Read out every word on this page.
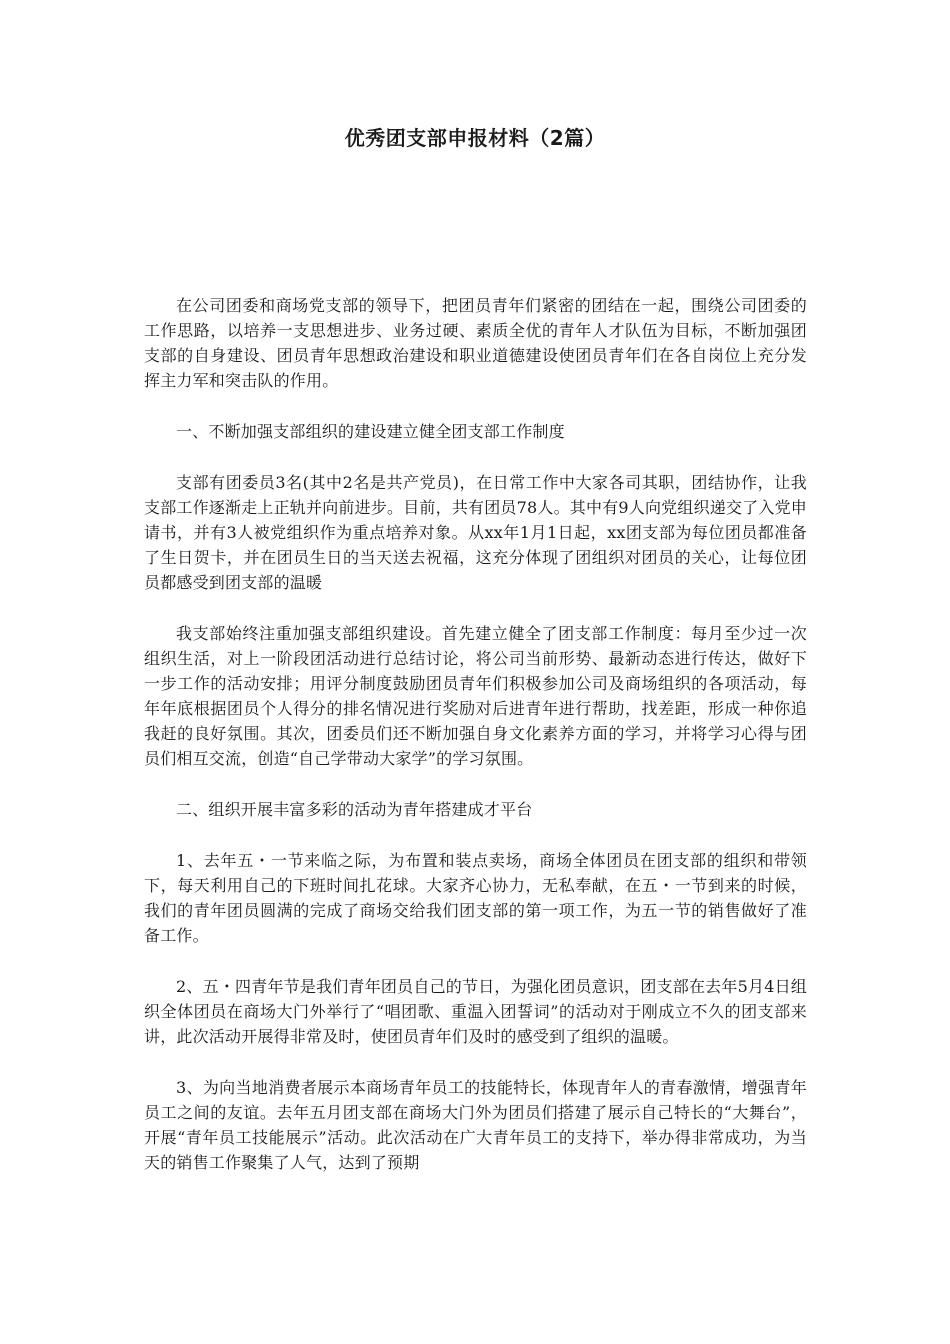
优秀团支部申报材料（2篇）

在公司团委和商场党支部的领导下，把团员青年们紧密的团结在一起，围绕公司团委的工作思路，以培养一支思想进步、业务过硬、素质全优的青年人才队伍为目标，不断加强团支部的自身建设、团员青年思想政治建设和职业道德建设使团员青年们在各自岗位上充分发挥主力军和突击队的作用。

一、不断加强支部组织的建设建立健全团支部工作制度

支部有团委员3名(其中2名是共产党员)，在日常工作中大家各司其职，团结协作，让我支部工作逐渐走上正轨并向前进步。目前，共有团员78人。其中有9人向党组织递交了入党申请书，并有3人被党组织作为重点培养对象。从xx年1月1日起，xx团支部为每位团员都准备了生日贺卡，并在团员生日的当天送去祝福，这充分体现了团组织对团员的关心，让每位团员都感受到团支部的温暖

我支部始终注重加强支部组织建设。首先建立健全了团支部工作制度：每月至少过一次组织生活，对上一阶段团活动进行总结讨论，将公司当前形势、最新动态进行传达，做好下一步工作的活动安排；用评分制度鼓励团员青年们积极参加公司及商场组织的各项活动，每年年底根据团员个人得分的排名情况进行奖励对后进青年进行帮助，找差距，形成一种你追我赶的良好氛围。其次，团委员们还不断加强自身文化素养方面的学习，并将学习心得与团员们相互交流，创造“自己学带动大家学”的学习氛围。

二、组织开展丰富多彩的活动为青年搭建成才平台

1、去年五・一节来临之际，为布置和装点卖场，商场全体团员在团支部的组织和带领下，每天利用自己的下班时间扎花球。大家齐心协力，无私奉献，在五・一节到来的时候，我们的青年团员圆满的完成了商场交给我们团支部的第一项工作，为五一节的销售做好了准备工作。

2、五・四青年节是我们青年团员自己的节日，为强化团员意识，团支部在去年5月4日组织全体团员在商场大门外举行了“唱团歌、重温入团誓词”的活动对于刚成立不久的团支部来讲，此次活动开展得非常及时，使团员青年们及时的感受到了组织的温暖。

3、为向当地消费者展示本商场青年员工的技能特长，体现青年人的青春激情，增强青年员工之间的友谊。去年五月团支部在商场大门外为团员们搭建了展示自己特长的“大舞台”，开展“青年员工技能展示”活动。此次活动在广大青年员工的支持下，举办得非常成功，为当天的销售工作聚集了人气，达到了预期
